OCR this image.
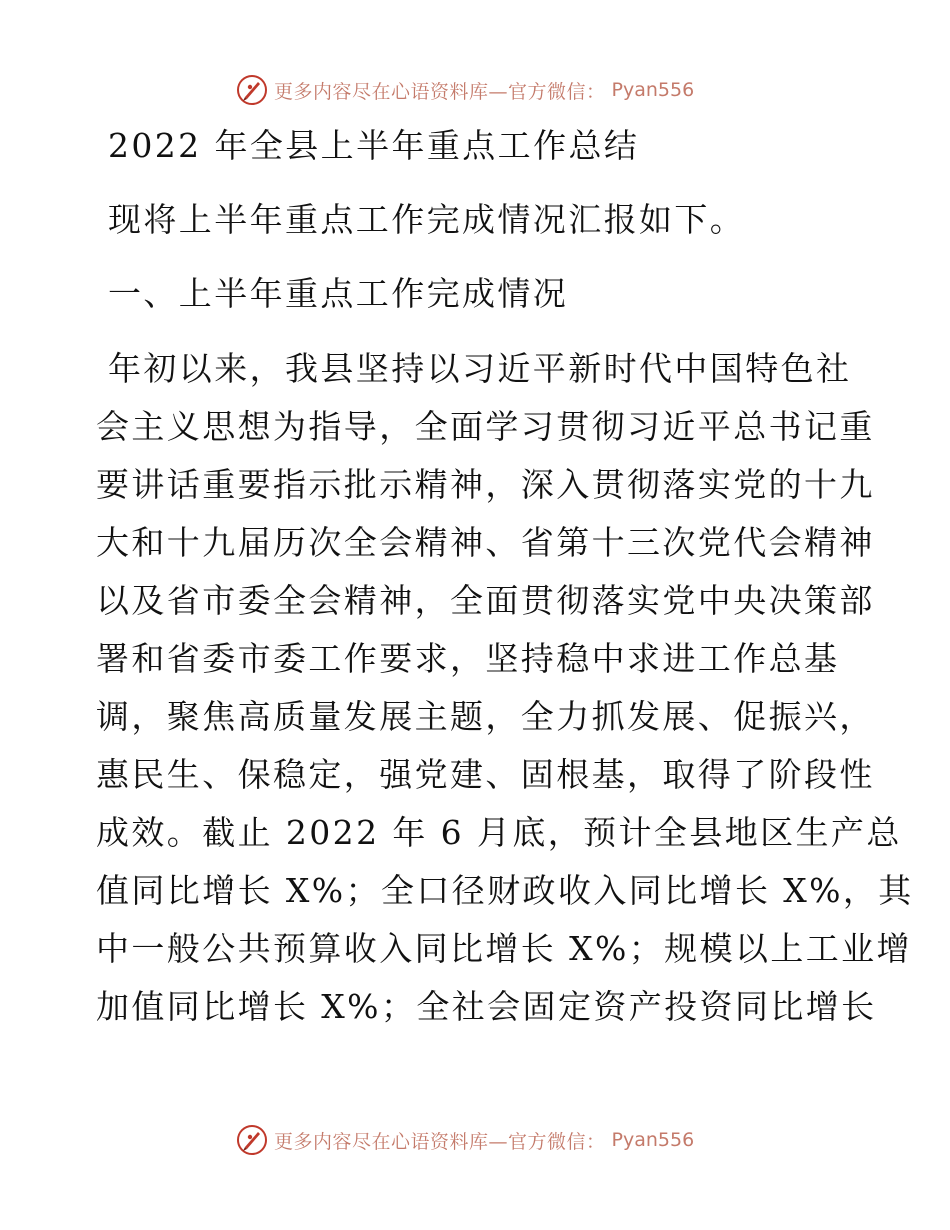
更多内容尽在心语资料库—官方微信： Pyan556
2022 年全县上半年重点工作总结
现将上半年重点工作完成情况汇报如下。
一、上半年重点工作完成情况
年初以来，我县坚持以习近平新时代中国特色社
会主义思想为指导，全面学习贯彻习近平总书记重
要讲话重要指示批示精神，深入贯彻落实党的十九
大和十九届历次全会精神、省第十三次党代会精神
以及省市委全会精神，全面贯彻落实党中央决策部
署和省委市委工作要求，坚持稳中求进工作总基
调，聚焦高质量发展主题，全力抓发展、促振兴，
惠民生、保稳定，强党建、固根基，取得了阶段性
成效。截止 2022 年 6 月底，预计全县地区生产总
值同比增长 X%；全口径财政收入同比增长 X%，其
中一般公共预算收入同比增长 X%；规模以上工业增
加值同比增长 X%；全社会固定资产投资同比增长
更多内容尽在心语资料库—官方微信： Pyan556
